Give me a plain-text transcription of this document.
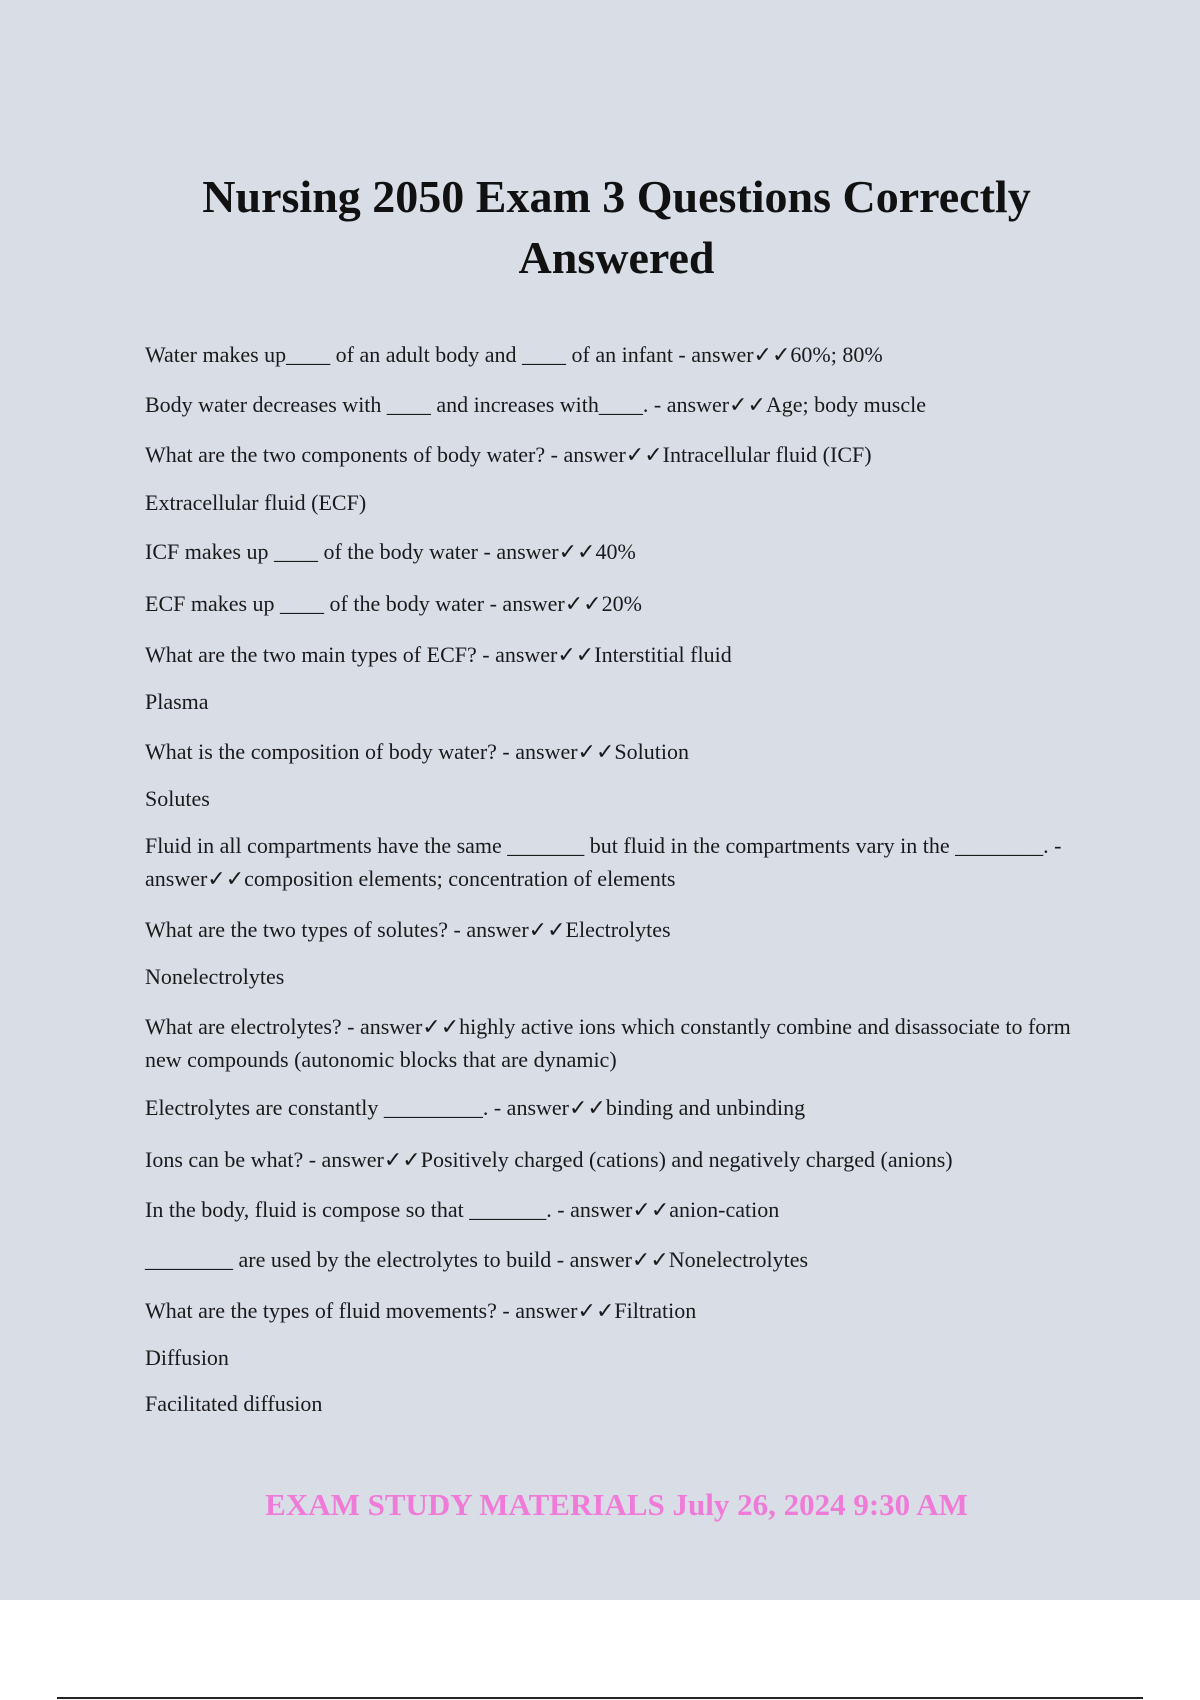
Nursing 2050 Exam 3 Questions Correctly Answered
Water makes up____ of an adult body and ____ of an infant - answer✓✓60%; 80%
Body water decreases with ____ and increases with____. - answer✓✓Age; body muscle
What are the two components of body water? - answer✓✓Intracellular fluid (ICF)
Extracellular fluid (ECF)
ICF makes up ____ of the body water - answer✓✓40%
ECF makes up ____ of the body water - answer✓✓20%
What are the two main types of ECF? - answer✓✓Interstitial fluid
Plasma
What is the composition of body water? - answer✓✓Solution
Solutes
Fluid in all compartments have the same _______ but fluid in the compartments vary in the ________. - answer✓✓composition elements; concentration of elements
What are the two types of solutes? - answer✓✓Electrolytes
Nonelectrolytes
What are electrolytes? - answer✓✓highly active ions which constantly combine and disassociate to form new compounds (autonomic blocks that are dynamic)
Electrolytes are constantly _________. - answer✓✓binding and unbinding
Ions can be what? - answer✓✓Positively charged (cations) and negatively charged (anions)
In the body, fluid is compose so that _______. - answer✓✓anion-cation
________ are used by the electrolytes to build - answer✓✓Nonelectrolytes
What are the types of fluid movements? - answer✓✓Filtration
Diffusion
Facilitated diffusion
EXAM STUDY MATERIALS July 26, 2024 9:30 AM
